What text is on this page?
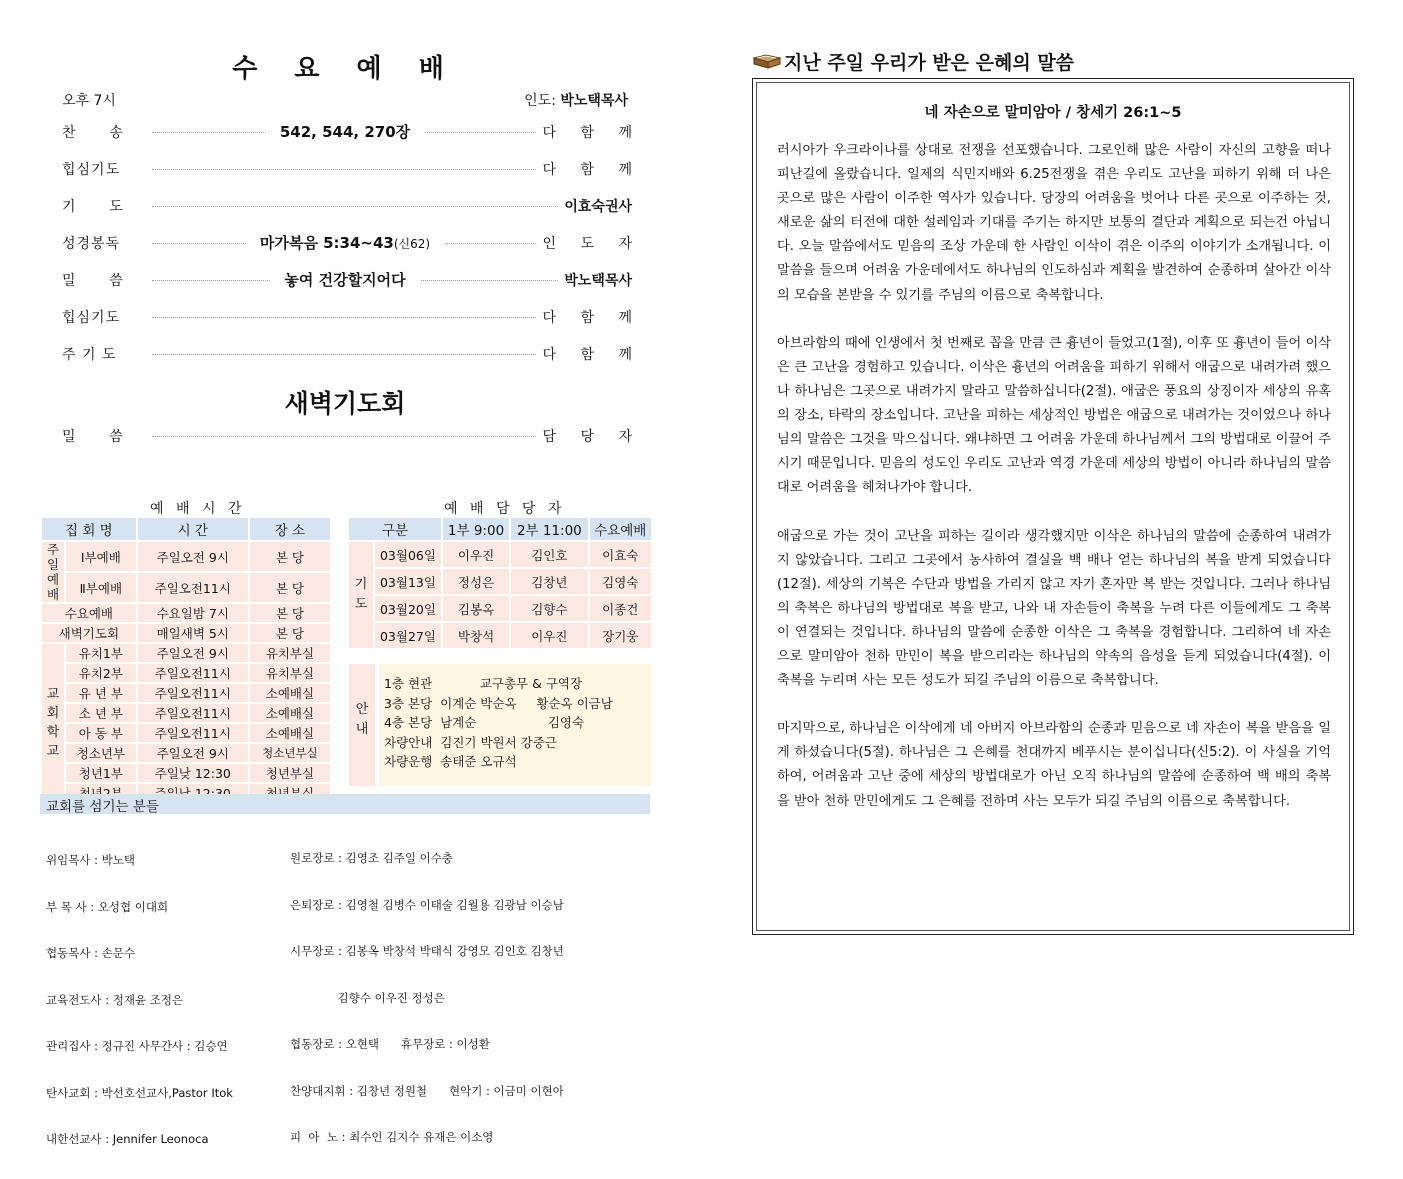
수 요 예 배
오후 7시	인도: 박노택목사
찬      송	542, 544, 270장	다 함 께
힙심기도	다 함 께
기      도	이효숙권사
성경봉독	마가복음 5:34~43(신62)	인 도 자
밀      씀	놓여 건강할지어다	박노택목사
힙심기도	다 함 께
주 기 도	다 함 께
새벽기도회
밀      씀	담 당 자
예 배 시 간
집 회 명		시 간	장 소

주일예배	Ⅰ부예배	주일오전 9시	본 당
	Ⅱ부예배	주일오전11시	본 당
수요예배		수요일밤 7시	본 당
새벽기도회		매일새벽 5시	본 당

교회학교	유치1부	주일오전 9시	유치부실
	유치2부	주일오전11시	유치부실
	유 년 부	주일오전11시	소예배실
	소 년 부	주일오전11시	소예배실
	아 동 부	주일오전11시	소예배실
	청소년부	주일오전 9시	청소년부실
	청년1부	주일낮 12:30	청년부실

예 배 담 당 자
구분		1부 9:00	2부 11:00	수요예배

기도	03월06일	이우진	김인호	이효숙
	03월13일	정성은	김창년	김영숙
	03월20일	김봉옥	김향수	이종건
	03월27일	박창석	이우진	장기웅
안내
1층 현관            교구총무 & 구역장
3층 본당  이계순 박순옥     황순옥 이금남
4층 본당  남계순                  김영숙
차량안내  김진기 박원서 강중근
차량운행  송태준 오규석
교회를 섬기는 분들

위임목사 : 박노택

부 목 사 : 오성협 이대희

협동목사 : 손문수

교육전도사 : 정재윤 조정은

관리집사 : 정규진 사무간사 : 김승연

탄사교회 : 박선호선교사,Pastor Itok

내한선교사 : Jennifer Leonoca

원로장로 : 김영조 김주일 이수충

은퇴장로 : 김영철 김병수 이태술 김월용 김광남 이승남

시무장로 : 김봉옥 박창석 박태식 강영모 김인호 김창년

김향수 이우진 정성은

협동장로 : 오현택      휴무장로 : 이성환

찬양대지휘 : 김창년 정원철      현악기 : 이금미 이현아

피  아  노 : 최수인 김지수 유재은 이소영

지난 주일 우리가 받은 은혜의 말씀
네 자손으로 말미암아 / 창세기 26:1~5

러시아가 우크라이나를 상대로 전쟁을 선포했습니다. 그로인해 많은 사람이 자신의 고향을 떠나 피난길에 올랐습니다. 일제의 식민지배와 6.25전쟁을 겪은 우리도 고난을 피하기 위해 더 나은 곳으로 많은 사람이 이주한 역사가 있습니다. 당장의 어려움을 벗어나 다른 곳으로 이주하는 것, 새로운 삶의 터전에 대한 설레임과 기대를 주기는 하지만 보통의 결단과 계획으로 되는건 아닙니다. 오늘 말씀에서도 믿음의 조상 가운데 한 사람인 이삭이 겪은 이주의 이야기가 소개됩니다. 이 말씀을 들으며 어려움 가운데에서도 하나님의 인도하심과 계획을 발견하여 순종하며 살아간 이삭의 모습을 본받을 수 있기를 주님의 이름으로 축복합니다.

아브라함의 때에 인생에서 첫 번째로 꼽을 만큼 큰 흉년이 들었고(1절), 이후 또 흉년이 들어 이삭은 큰 고난을 경험하고 있습니다. 이삭은 흉년의 어려움을 피하기 위해서 애굽으로 내려가려 했으나 하나님은 그곳으로 내려가지 말라고 말씀하십니다(2절). 애굽은 풍요의 상징이자 세상의 유혹의 장소, 타락의 장소입니다. 고난을 피하는 세상적인 방법은 애굽으로 내려가는 것이었으나 하나님의 말씀은 그것을 막으십니다. 왜냐하면 그 어려움 가운데 하나님께서 그의 방법대로 이끌어 주시기 때문입니다. 믿음의 성도인 우리도 고난과 역경 가운데 세상의 방법이 아니라 하나님의 말씀대로 어려움을 헤쳐나가야 합니다.

애굽으로 가는 것이 고난을 피하는 길이라 생각했지만 이삭은 하나님의 말씀에 순종하여 내려가지 않았습니다. 그리고 그곳에서 농사하여 결실을 백 배나 얻는 하나님의 복을 받게 되었습니다(12절). 세상의 기복은 수단과 방법을 가리지 않고 자기 혼자만 복 받는 것입니다. 그러나 하나님의 축복은 하나님의 방법대로 복을 받고, 나와 내 자손들이 축복을 누려 다른 이들에게도 그 축복이 연결되는 것입니다. 하나님의 말씀에 순종한 이삭은 그 축복을 경험합니다. 그리하여 네 자손으로 말미암아 천하 만민이 복을 받으리라는 하나님의 약속의 음성을 듣게 되었습니다(4절). 이 축복을 누리며 사는 모든 성도가 되길 주님의 이름으로 축복합니다.

마지막으로, 하나님은 이삭에게 네 아버지 아브라함의 순종과 믿음으로 네 자손이 복을 받음을 일게 하셨습니다(5절). 하나님은 그 은혜를 천대까지 베푸시는 분이십니다(신5:2). 이 사실을 기억하여, 어려움과 고난 중에 세상의 방법대로가 아닌 오직 하나님의 말씀에 순종하여 백 배의 축복을 받아 천하 만민에게도 그 은혜를 전하며 사는 모두가 되길 주님의 이름으로 축복합니다.
